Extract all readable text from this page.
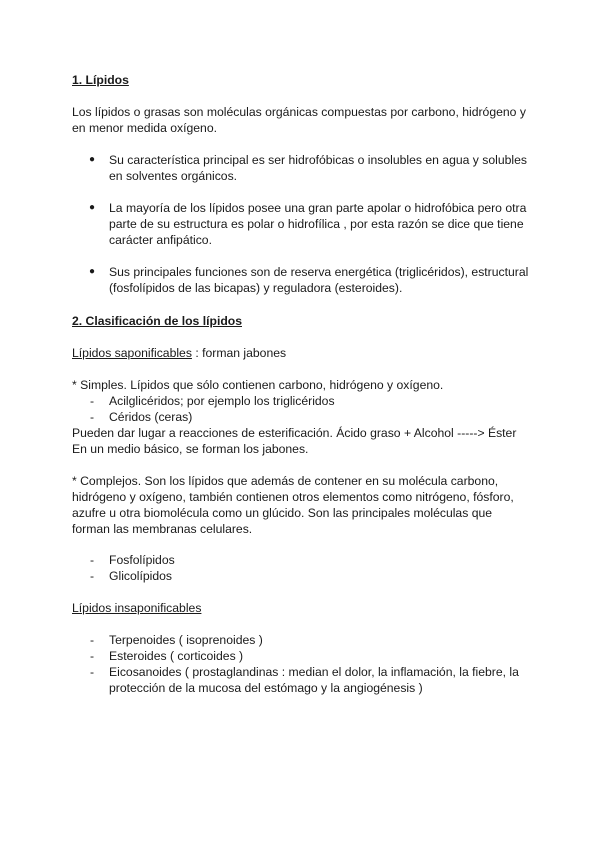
1. Lípidos

Los lípidos o grasas son moléculas orgánicas compuestas por carbono, hidrógeno y en menor medida oxígeno.

● Su característica principal es ser hidrofóbicas o insolubles en agua y solubles en solventes orgánicos.
● La mayoría de los lípidos posee una gran parte apolar o hidrofóbica pero otra parte de su estructura es polar o hidrofílica , por esta razón se dice que tiene carácter anfipático.
● Sus principales funciones son de reserva energética (triglicéridos), estructural (fosfolípidos de las bicapas) y reguladora (esteroides).
2. Clasificación de los lípidos

Lípidos saponificables : forman jabones

* Simples. Lípidos que sólo contienen carbono, hidrógeno y oxígeno.

- Acilglicéridos; por ejemplo los triglicéridos
- Céridos (ceras)

Pueden dar lugar a reacciones de esterificación. Ácido graso + Alcohol -----> Éster En un medio básico, se forman los jabones.

* Complejos. Son los lípidos que además de contener en su molécula carbono, hidrógeno y oxígeno, también contienen otros elementos como nitrógeno, fósforo, azufre u otra biomolécula como un glúcido. Son las principales moléculas que forman las membranas celulares.

- Fosfolípidos
- Glicolípidos

Lípidos insaponificables

- Terpenoides ( isoprenoides )
- Esteroides ( corticoides )
- Eicosanoides ( prostaglandinas : median el dolor, la inflamación, la fiebre, la protección de la mucosa del estómago y la angiogénesis )
